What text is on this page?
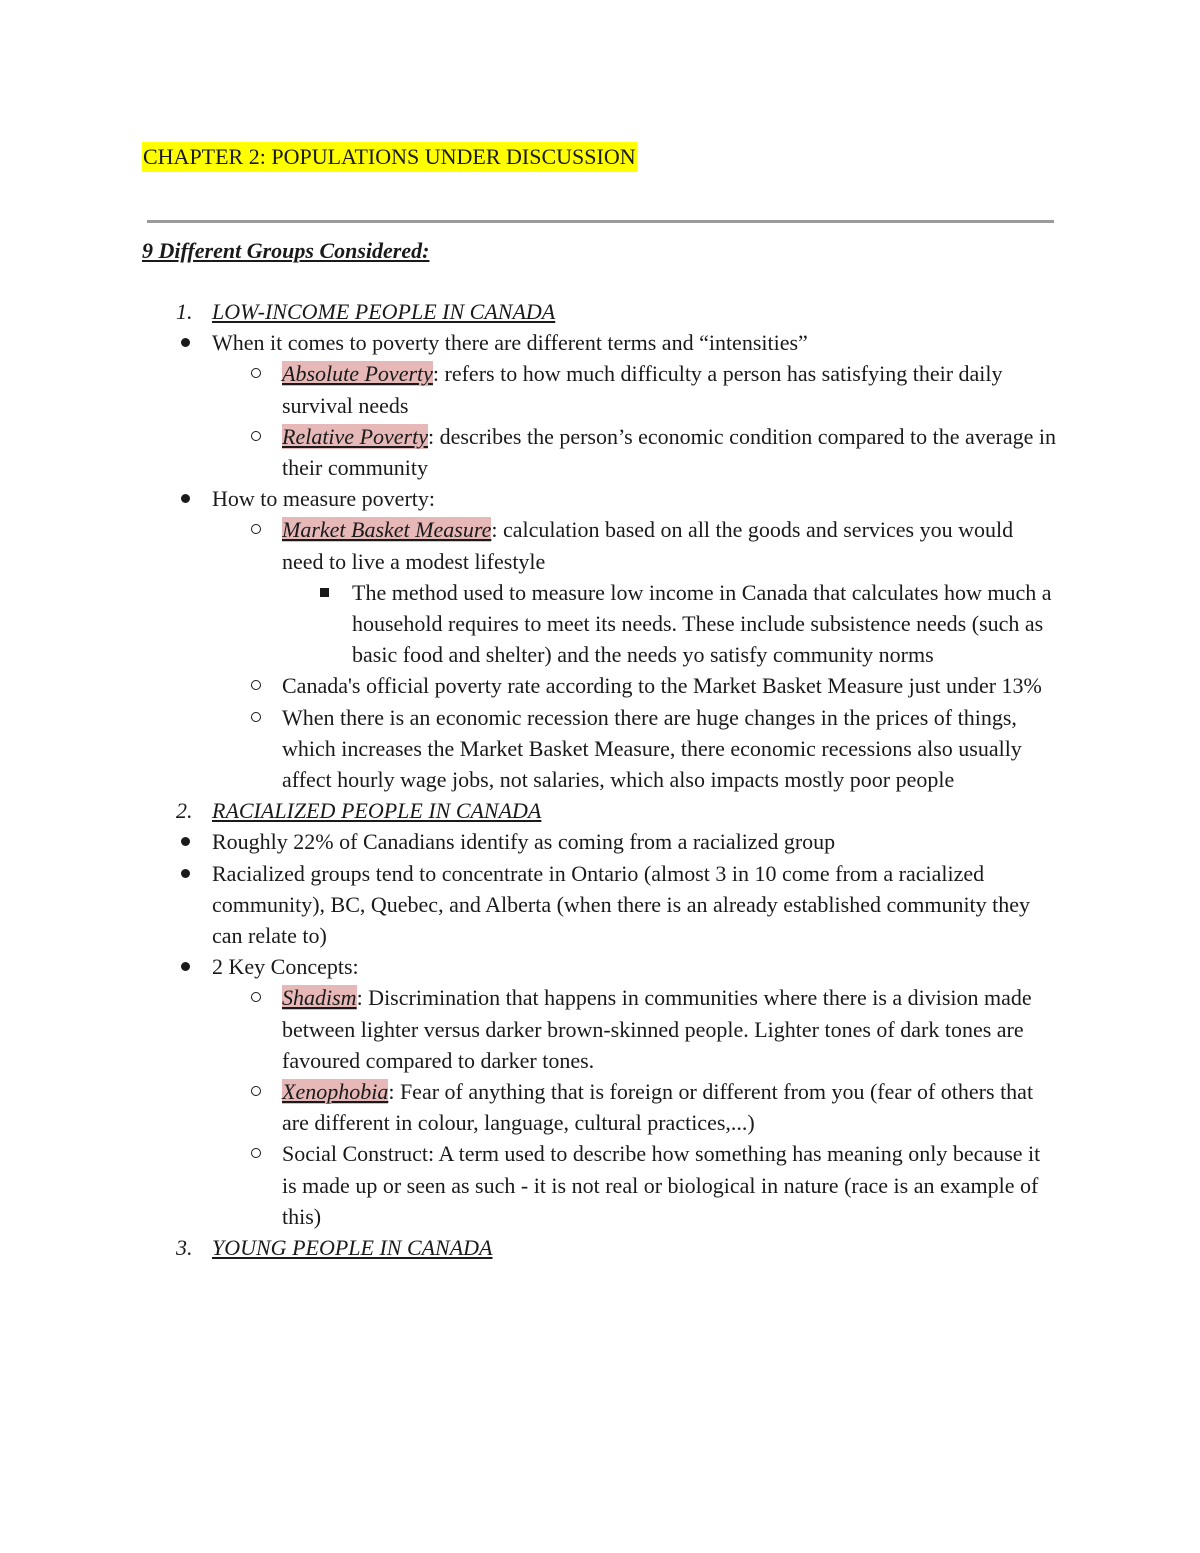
CHAPTER 2: POPULATIONS UNDER DISCUSSION
9 Different Groups Considered:
1. LOW-INCOME PEOPLE IN CANADA
When it comes to poverty there are different terms and “intensities”
Absolute Poverty: refers to how much difficulty a person has satisfying their daily survival needs
Relative Poverty: describes the person’s economic condition compared to the average in their community
How to measure poverty:
Market Basket Measure: calculation based on all the goods and services you would need to live a modest lifestyle
The method used to measure low income in Canada that calculates how much a household requires to meet its needs. These include subsistence needs (such as basic food and shelter) and the needs yo satisfy community norms
Canada's official poverty rate according to the Market Basket Measure just under 13%
When there is an economic recession there are huge changes in the prices of things, which increases the Market Basket Measure, there economic recessions also usually affect hourly wage jobs, not salaries, which also impacts mostly poor people
2. RACIALIZED PEOPLE IN CANADA
Roughly 22% of Canadians identify as coming from a racialized group
Racialized groups tend to concentrate in Ontario (almost 3 in 10 come from a racialized community), BC, Quebec, and Alberta (when there is an already established community they can relate to)
2 Key Concepts:
Shadism: Discrimination that happens in communities where there is a division made between lighter versus darker brown-skinned people. Lighter tones of dark tones are favoured compared to darker tones.
Xenophobia: Fear of anything that is foreign or different from you (fear of others that are different in colour, language, cultural practices,...)
Social Construct: A term used to describe how something has meaning only because it is made up or seen as such - it is not real or biological in nature (race is an example of this)
3. YOUNG PEOPLE IN CANADA
